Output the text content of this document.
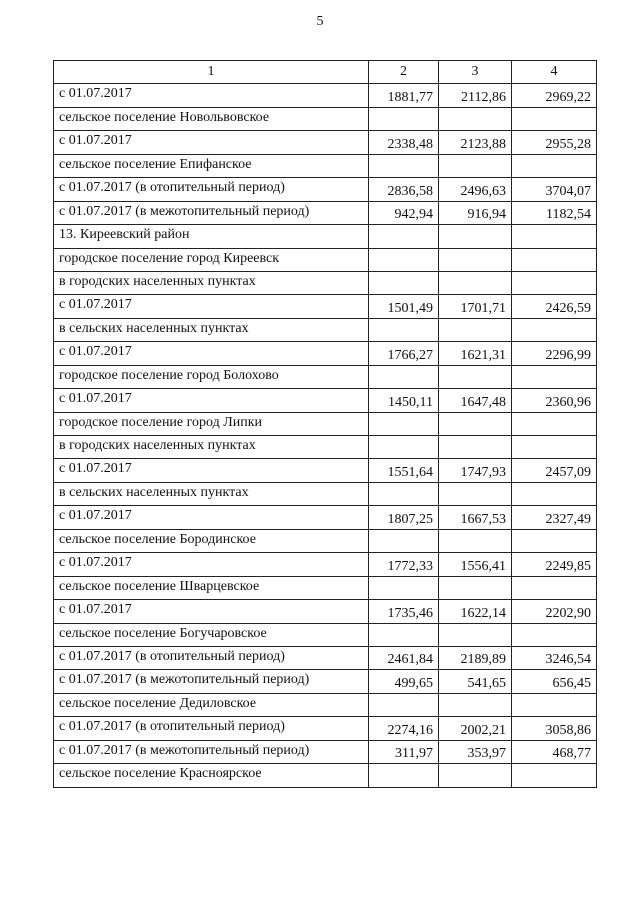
5
1	2	3	4
с 01.07.2017	1881,77	2112,86	2969,22
сельское поселение Новольвовское			
с 01.07.2017	2338,48	2123,88	2955,28
сельское поселение Епифанское			
с 01.07.2017 (в отопительный период)	2836,58	2496,63	3704,07
с 01.07.2017 (в межотопительный период)	942,94	916,94	1182,54
13. Киреевский район			
городское поселение город Киреевск			
в городских населенных пунктах			
с 01.07.2017	1501,49	1701,71	2426,59
в сельских населенных пунктах			
с 01.07.2017	1766,27	1621,31	2296,99
городское поселение город Болохово			
с 01.07.2017	1450,11	1647,48	2360,96
городское поселение город Липки			
в городских населенных пунктах			
с 01.07.2017	1551,64	1747,93	2457,09
в сельских населенных пунктах			
с 01.07.2017	1807,25	1667,53	2327,49
сельское поселение Бородинское			
с 01.07.2017	1772,33	1556,41	2249,85
сельское поселение Шварцевское			
с 01.07.2017	1735,46	1622,14	2202,90
сельское поселение Богучаровское			
с 01.07.2017 (в отопительный период)	2461,84	2189,89	3246,54
с 01.07.2017 (в межотопительный период)	499,65	541,65	656,45
сельское поселение Дедиловское			
с 01.07.2017 (в отопительный период)	2274,16	2002,21	3058,86
с 01.07.2017 (в межотопительный период)	311,97	353,97	468,77
сельское поселение Красноярское			
